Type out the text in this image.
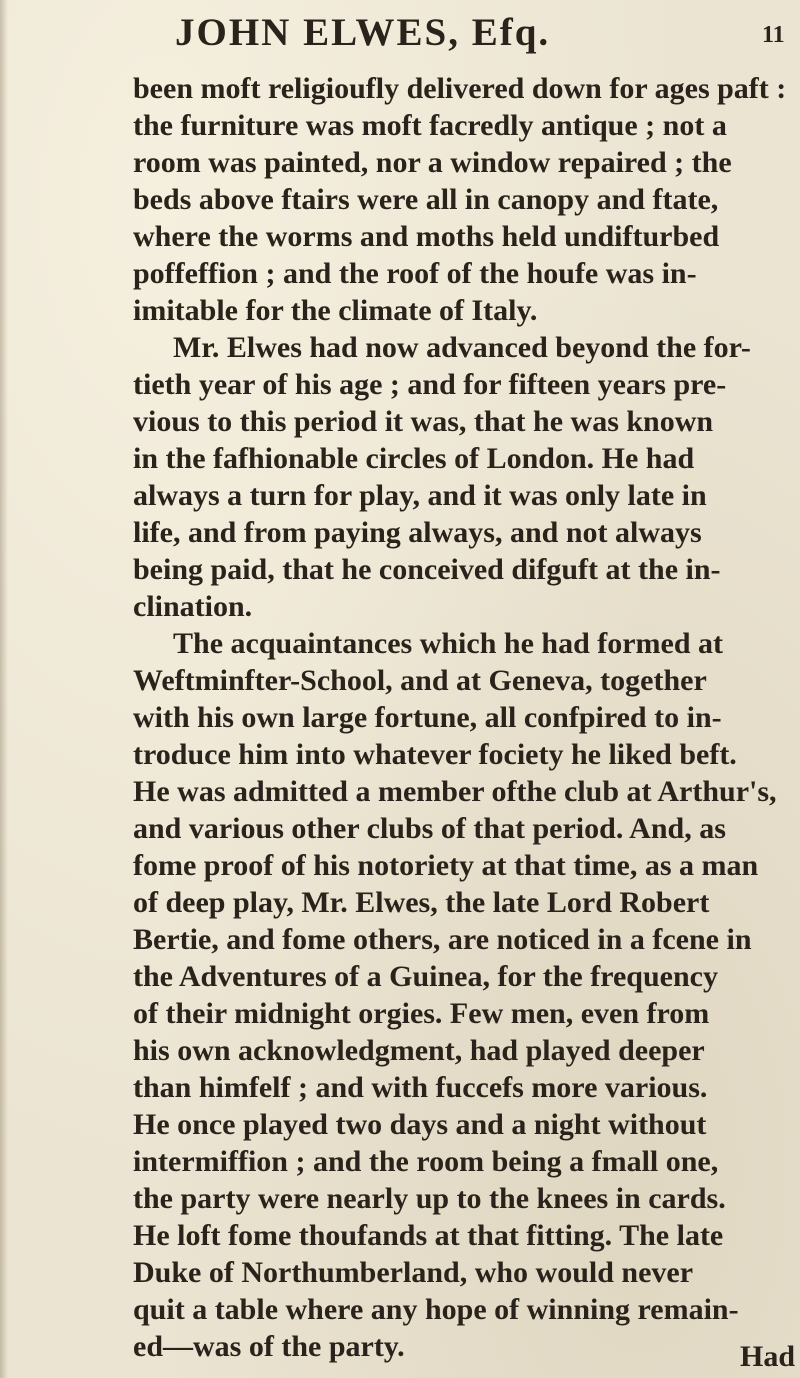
JOHN ELWES, Efq.	11
been moft religioufly delivered down for ages paft :
the furniture was moft facredly antique ; not a
room was painted, nor a window repaired ; the
beds above ftairs were all in canopy and ftate,
where the worms and moths held undifturbed
poffeffion ; and the roof of the houfe was in-
imitable for the climate of Italy.
Mr. Elwes had now advanced beyond the for-
tieth year of his age ; and for fifteen years pre-
vious to this period it was, that he was known
in the fafhionable circles of London. He had
always a turn for play, and it was only late in
life, and from paying always, and not always
being paid, that he conceived difguft at the in-
clination.
The acquaintances which he had formed at
Weftminfter-School, and at Geneva, together
with his own large fortune, all confpired to in-
troduce him into whatever fociety he liked beft.
He was admitted a member ofthe club at Arthur's,
and various other clubs of that period. And, as
fome proof of his notoriety at that time, as a man
of deep play, Mr. Elwes, the late Lord Robert
Bertie, and fome others, are noticed in a fcene in
the Adventures of a Guinea, for the frequency
of their midnight orgies. Few men, even from
his own acknowledgment, had played deeper
than himfelf ; and with fuccefs more various.
He once played two days and a night without
intermiffion ; and the room being a fmall one,
the party were nearly up to the knees in cards.
He loft fome thoufands at that fitting. The late
Duke of Northumberland, who would never
quit a table where any hope of winning remain-
ed—was of the party.	Had
